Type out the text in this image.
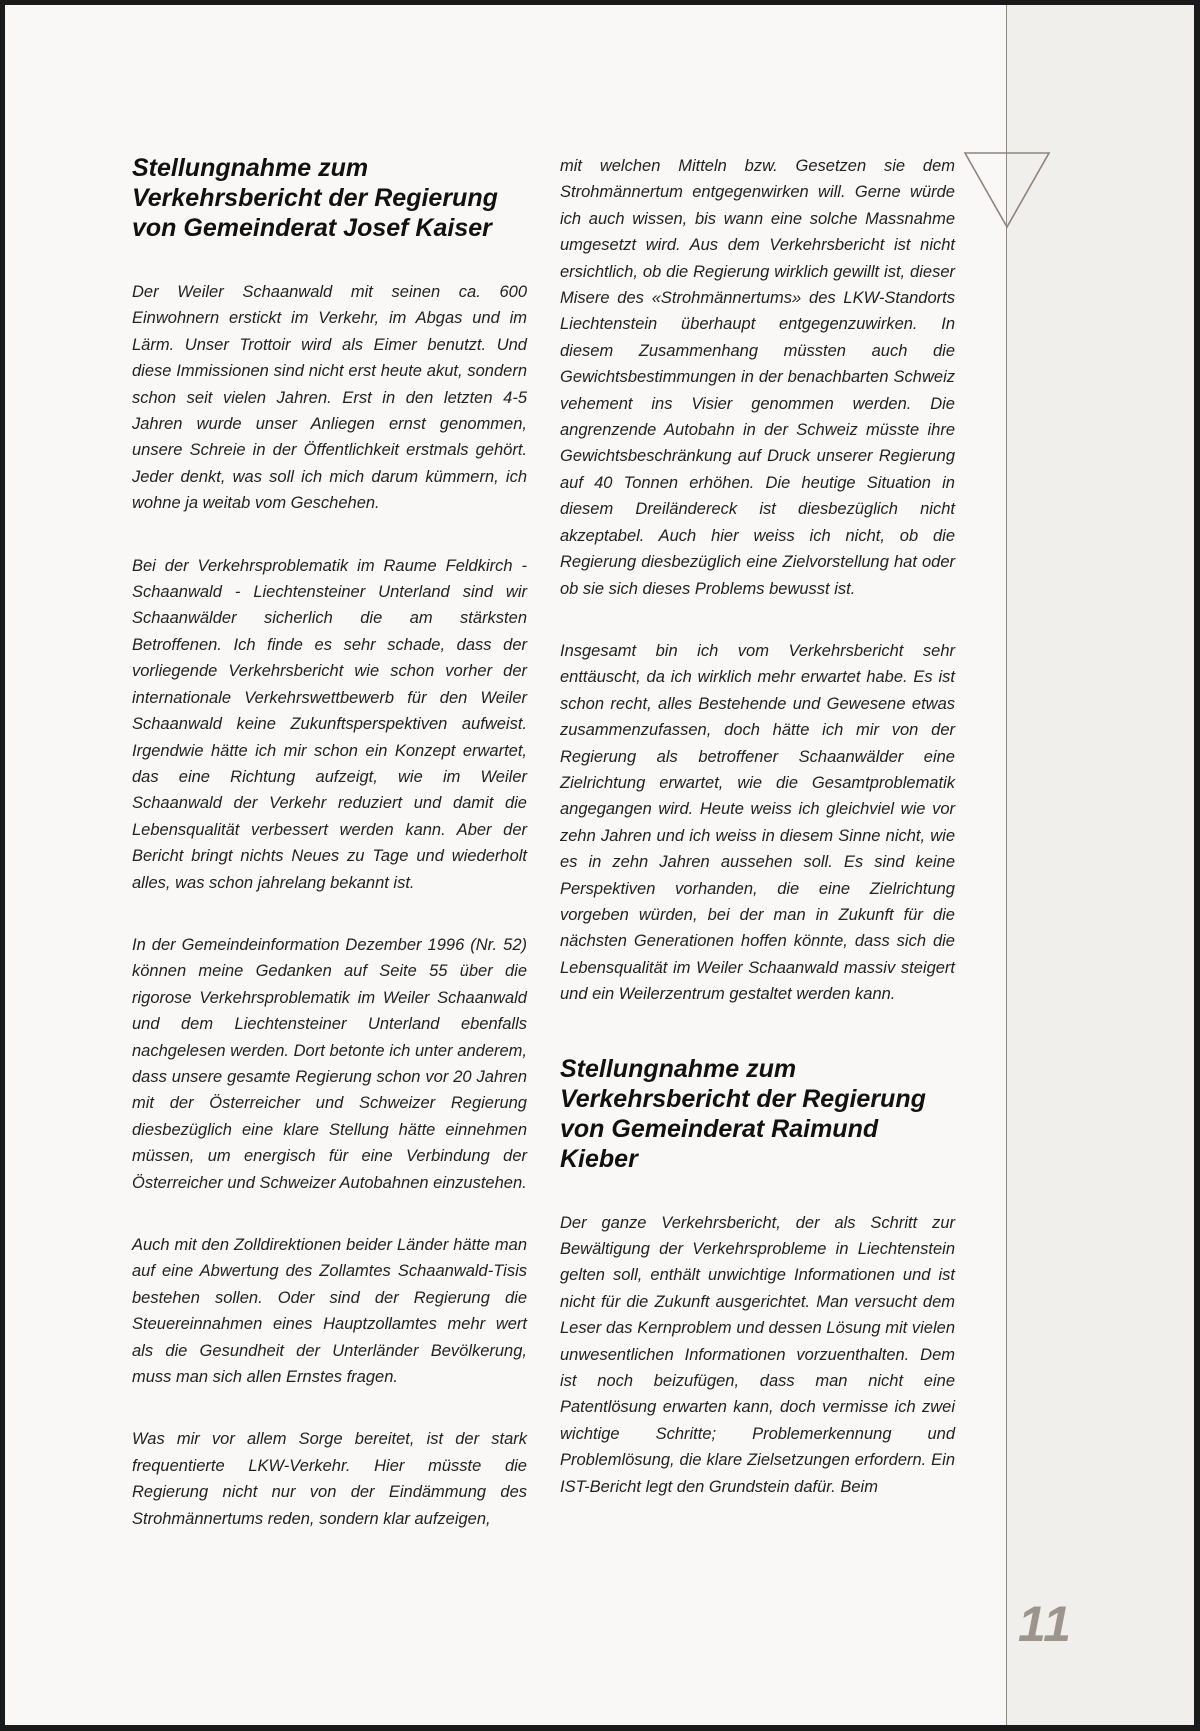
Stellungnahme zum Verkehrsbericht der Regierung von Gemeinderat Josef Kaiser

Der Weiler Schaanwald mit seinen ca. 600 Einwohnern erstickt im Verkehr, im Abgas und im Lärm. Unser Trottoir wird als Eimer benutzt. Und diese Immissionen sind nicht erst heute akut, sondern schon seit vielen Jahren. Erst in den letzten 4-5 Jahren wurde unser Anliegen ernst genommen, unsere Schreie in der Öffentlichkeit erstmals gehört. Jeder denkt, was soll ich mich darum kümmern, ich wohne ja weitab vom Geschehen.

Bei der Verkehrsproblematik im Raume Feldkirch - Schaanwald - Liechtensteiner Unterland sind wir Schaanwälder sicherlich die am stärksten Betroffenen. Ich finde es sehr schade, dass der vorliegende Verkehrsbericht wie schon vorher der internationale Verkehrswettbewerb für den Weiler Schaanwald keine Zukunftsperspektiven aufweist. Irgendwie hätte ich mir schon ein Konzept erwartet, das eine Richtung aufzeigt, wie im Weiler Schaanwald der Verkehr reduziert und damit die Lebensqualität verbessert werden kann. Aber der Bericht bringt nichts Neues zu Tage und wiederholt alles, was schon jahrelang bekannt ist.

In der Gemeindeinformation Dezember 1996 (Nr. 52) können meine Gedanken auf Seite 55 über die rigorose Verkehrsproblematik im Weiler Schaanwald und dem Liechtensteiner Unterland ebenfalls nachgelesen werden. Dort betonte ich unter anderem, dass unsere gesamte Regierung schon vor 20 Jahren mit der Österreicher und Schweizer Regierung diesbezüglich eine klare Stellung hätte einnehmen müssen, um energisch für eine Verbindung der Österreicher und Schweizer Autobahnen einzustehen.

Auch mit den Zolldirektionen beider Länder hätte man auf eine Abwertung des Zollamtes Schaanwald-Tisis bestehen sollen. Oder sind der Regierung die Steuereinnahmen eines Hauptzollamtes mehr wert als die Gesundheit der Unterländer Bevölkerung, muss man sich allen Ernstes fragen.

Was mir vor allem Sorge bereitet, ist der stark frequentierte LKW-Verkehr. Hier müsste die Regierung nicht nur von der Eindämmung des Strohmännertums reden, sondern klar aufzeigen,

mit welchen Mitteln bzw. Gesetzen sie dem Strohmännertum entgegenwirken will. Gerne würde ich auch wissen, bis wann eine solche Massnahme umgesetzt wird. Aus dem Verkehrsbericht ist nicht ersichtlich, ob die Regierung wirklich gewillt ist, dieser Misere des «Strohmännertums» des LKW-Standorts Liechtenstein überhaupt entgegenzuwirken. In diesem Zusammenhang müssten auch die Gewichtsbestimmungen in der benachbarten Schweiz vehement ins Visier genommen werden. Die angrenzende Autobahn in der Schweiz müsste ihre Gewichtsbeschränkung auf Druck unserer Regierung auf 40 Tonnen erhöhen. Die heutige Situation in diesem Dreiländereck ist diesbezüglich nicht akzeptabel. Auch hier weiss ich nicht, ob die Regierung diesbezüglich eine Zielvorstellung hat oder ob sie sich dieses Problems bewusst ist.

Insgesamt bin ich vom Verkehrsbericht sehr enttäuscht, da ich wirklich mehr erwartet habe. Es ist schon recht, alles Bestehende und Gewesene etwas zusammenzufassen, doch hätte ich mir von der Regierung als betroffener Schaanwälder eine Zielrichtung erwartet, wie die Gesamtproblematik angegangen wird. Heute weiss ich gleichviel wie vor zehn Jahren und ich weiss in diesem Sinne nicht, wie es in zehn Jahren aussehen soll. Es sind keine Perspektiven vorhanden, die eine Zielrichtung vorgeben würden, bei der man in Zukunft für die nächsten Generationen hoffen könnte, dass sich die Lebensqualität im Weiler Schaanwald massiv steigert und ein Weilerzentrum gestaltet werden kann.

Stellungnahme zum Verkehrsbericht der Regierung von Gemeinderat Raimund Kieber

Der ganze Verkehrsbericht, der als Schritt zur Bewältigung der Verkehrsprobleme in Liechtenstein gelten soll, enthält unwichtige Informationen und ist nicht für die Zukunft ausgerichtet. Man versucht dem Leser das Kernproblem und dessen Lösung mit vielen unwesentlichen Informationen vorzuenthalten. Dem ist noch beizufügen, dass man nicht eine Patentlösung erwarten kann, doch vermisse ich zwei wichtige Schritte; Problemerkennung und Problemlösung, die klare Zielsetzungen erfordern. Ein IST-Bericht legt den Grundstein dafür. Beim

11
